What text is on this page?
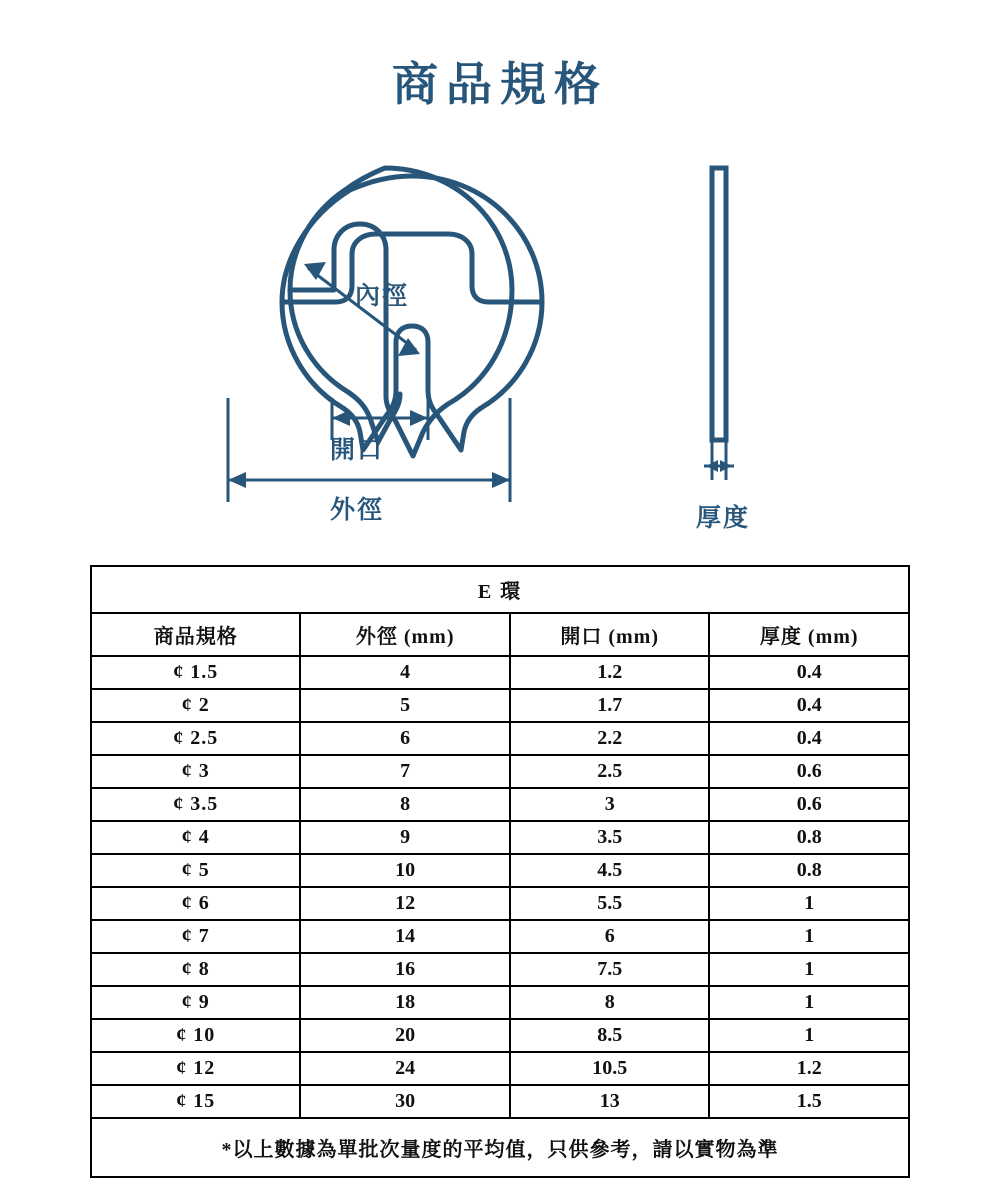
商品規格
內徑
開口
外徑	厚度
E 環			
商品規格	外徑 (mm)	開口 (mm)	厚度 (mm)
¢ 1.5	4	1.2	0.4
¢ 2	5	1.7	0.4
¢ 2.5	6	2.2	0.4
¢ 3	7	2.5	0.6
¢ 3.5	8	3	0.6
¢ 4	9	3.5	0.8
¢ 5	10	4.5	0.8
¢ 6	12	5.5	1
¢ 7	14	6	1
¢ 8	16	7.5	1
¢ 9	18	8	1
¢ 10	20	8.5	1
¢ 12	24	10.5	1.2
¢ 15	30	13	1.5
*以上數據為單批次量度的平均值，只供參考，請以實物為準			
